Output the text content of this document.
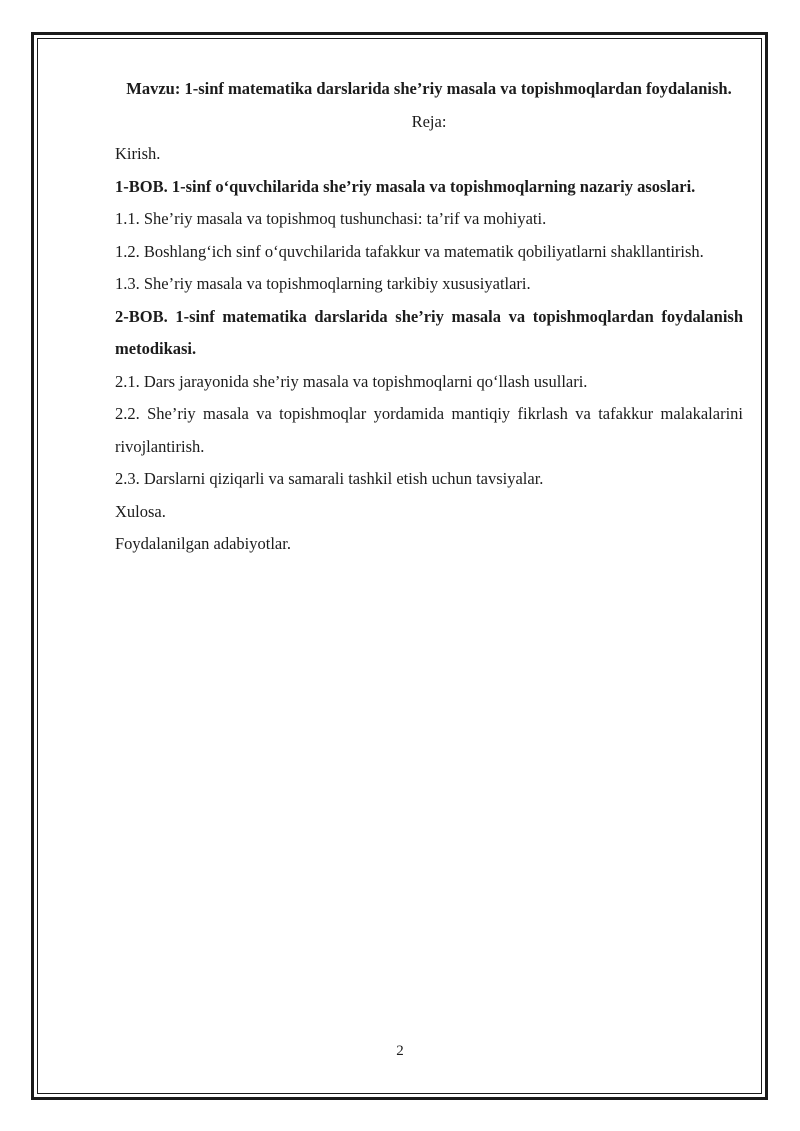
Mavzu: 1-sinf matematika darslarida she’riy masala va topishmoqlardan foydalanish.

Reja:

Kirish.

1-BOB. 1-sinf o‘quvchilarida she’riy masala va topishmoqlarning nazariy asoslari.

1.1. She’riy masala va topishmoq tushunchasi: ta’rif va mohiyati.

1.2. Boshlang‘ich sinf o‘quvchilarida tafakkur va matematik qobiliyatlarni shakllantirish.

1.3. She’riy masala va topishmoqlarning tarkibiy xususiyatlari.

2-BOB. 1-sinf matematika darslarida she’riy masala va topishmoqlardan foydalanish metodikasi.

2.1. Dars jarayonida she’riy masala va topishmoqlarni qo‘llash usullari.

2.2. She’riy masala va topishmoqlar yordamida mantiqiy fikrlash va tafakkur malakalarini rivojlantirish.

2.3. Darslarni qiziqarli va samarali tashkil etish uchun tavsiyalar.

Xulosa.

Foydalanilgan adabiyotlar.

2
